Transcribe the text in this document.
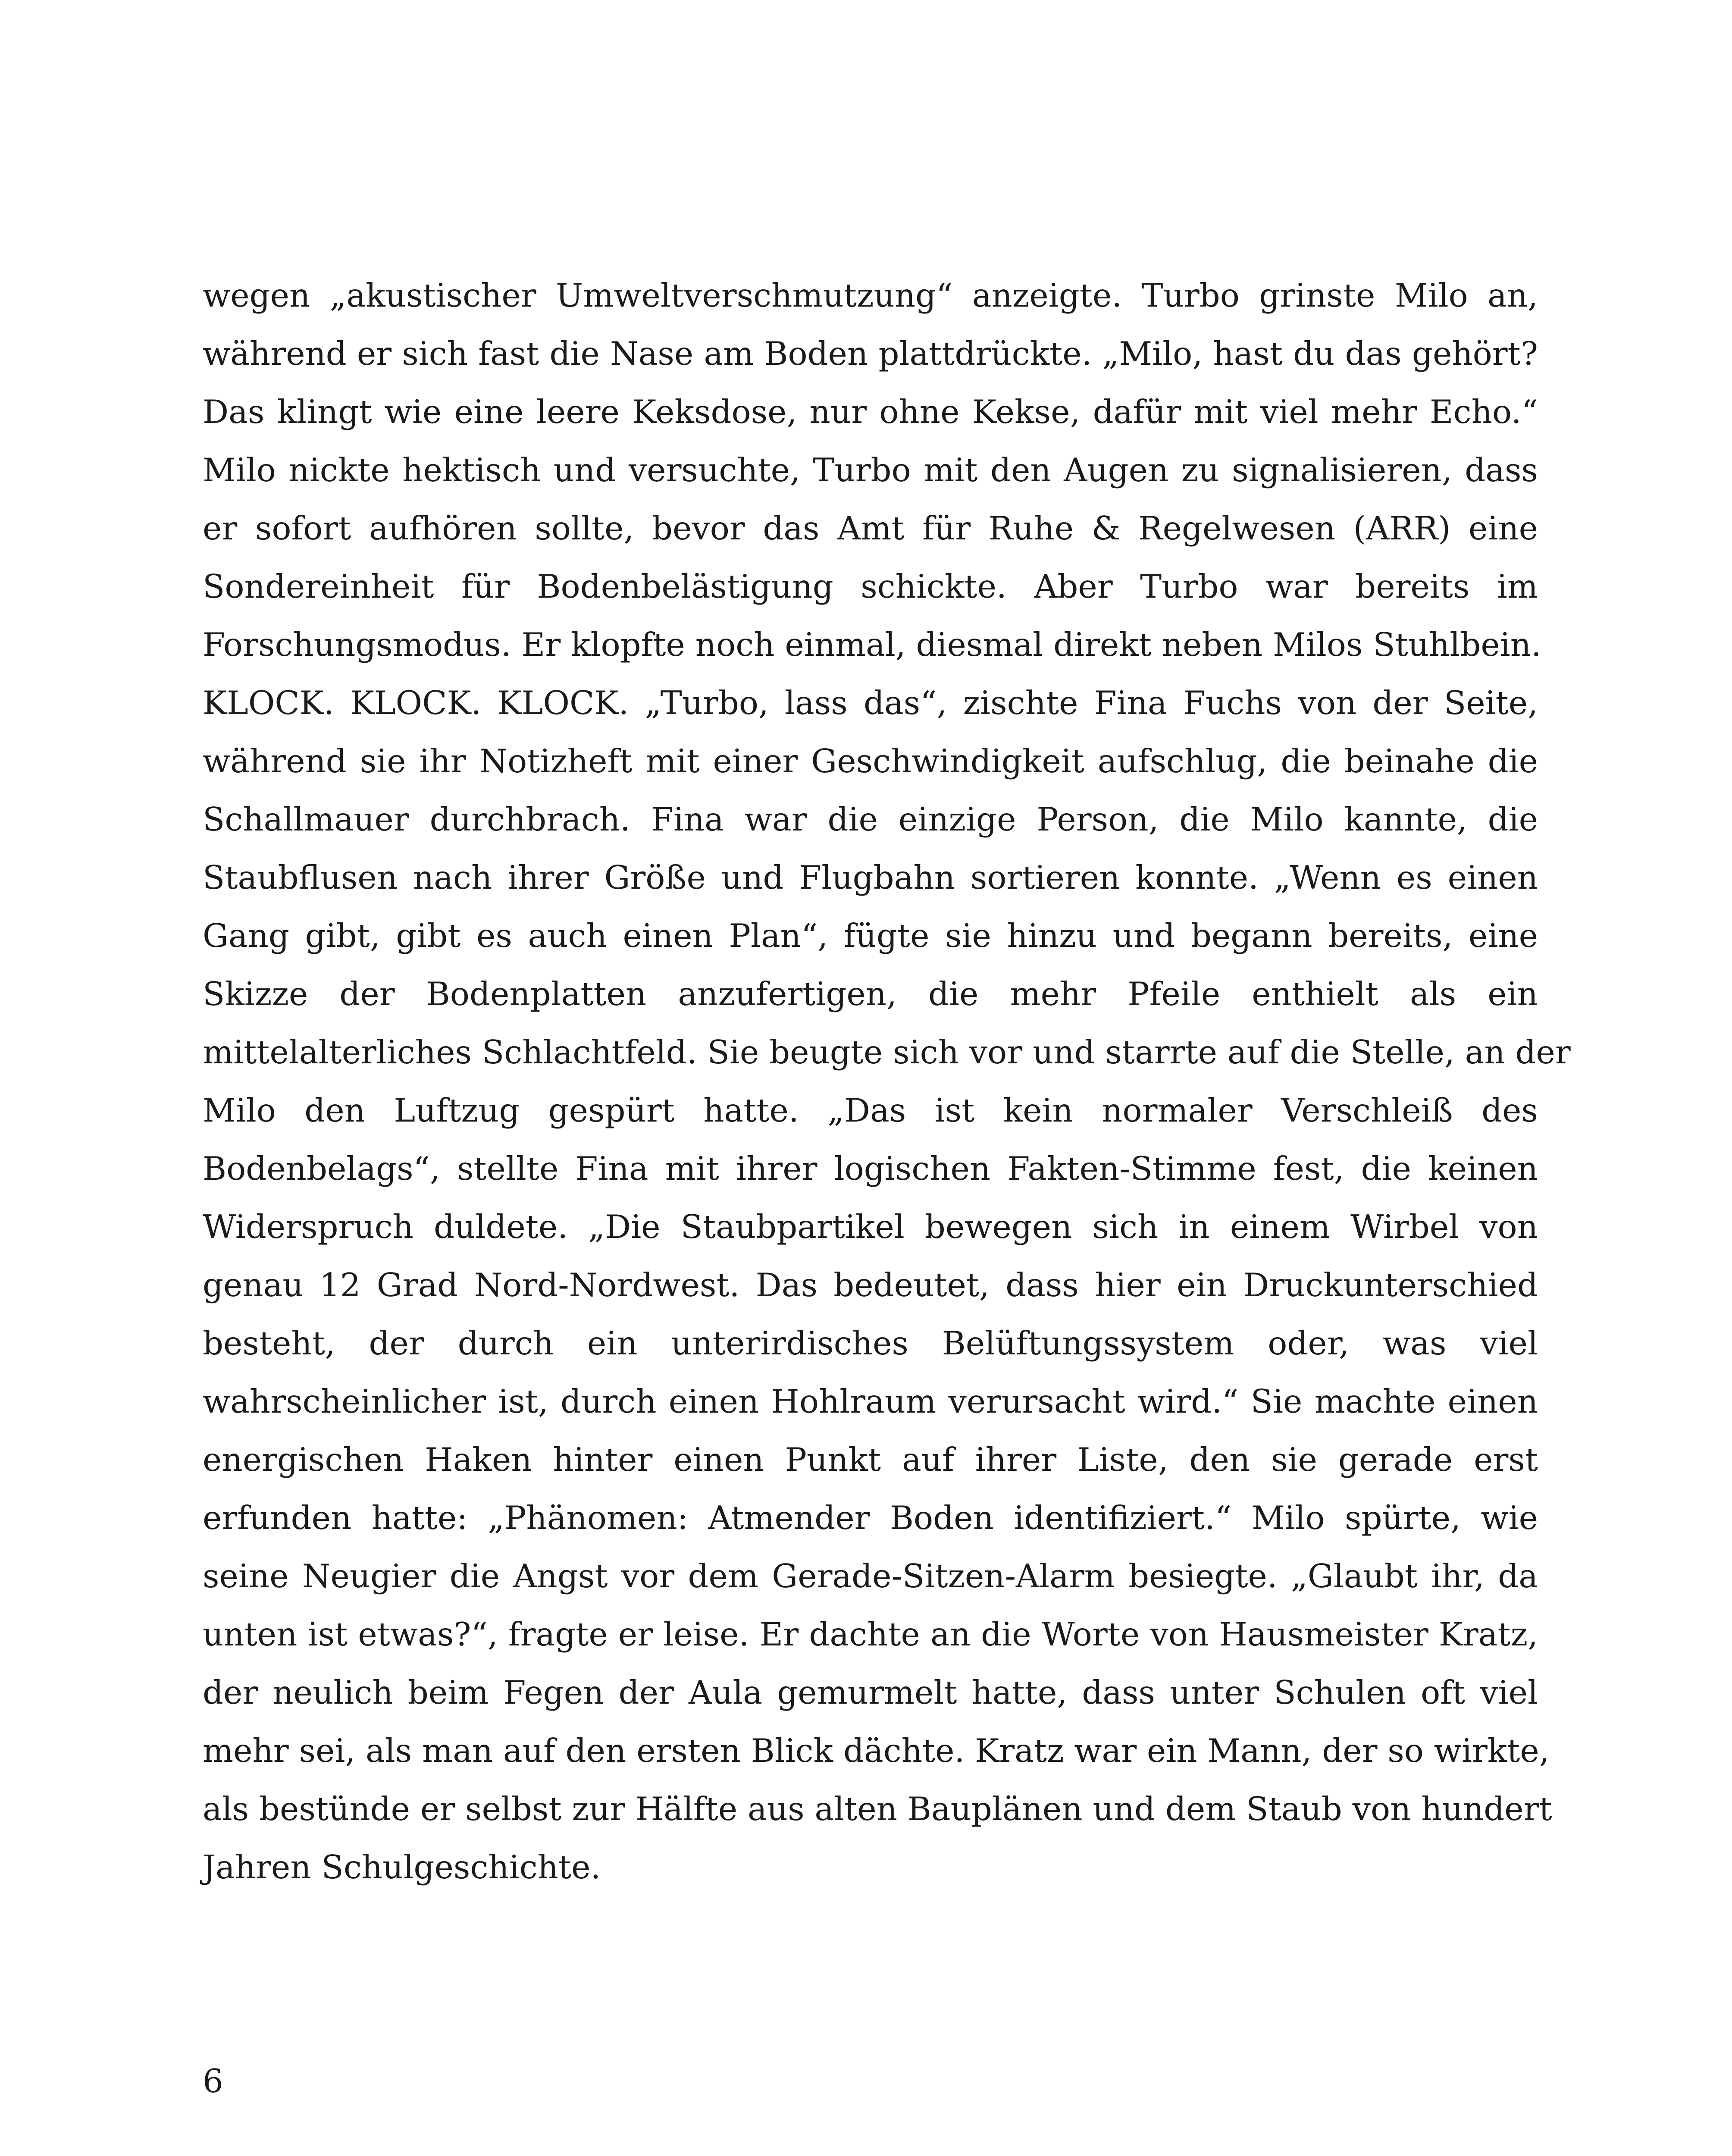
wegen „akustischer Umweltverschmutzung“ anzeigte. Turbo grinste Milo an,
während er sich fast die Nase am Boden plattdrückte. „Milo, hast du das gehört?
Das klingt wie eine leere Keksdose, nur ohne Kekse, dafür mit viel mehr Echo.“
Milo nickte hektisch und versuchte, Turbo mit den Augen zu signalisieren, dass
er sofort aufhören sollte, bevor das Amt für Ruhe & Regelwesen (ARR) eine
Sondereinheit für Bodenbelästigung schickte. Aber Turbo war bereits im
Forschungsmodus. Er klopfte noch einmal, diesmal direkt neben Milos Stuhlbein.
KLOCK. KLOCK. KLOCK. „Turbo, lass das“, zischte Fina Fuchs von der Seite,
während sie ihr Notizheft mit einer Geschwindigkeit aufschlug, die beinahe die
Schallmauer durchbrach. Fina war die einzige Person, die Milo kannte, die
Staubflusen nach ihrer Größe und Flugbahn sortieren konnte. „Wenn es einen
Gang gibt, gibt es auch einen Plan“, fügte sie hinzu und begann bereits, eine
Skizze der Bodenplatten anzufertigen, die mehr Pfeile enthielt als ein
mittelalterliches Schlachtfeld. Sie beugte sich vor und starrte auf die Stelle, an der
Milo den Luftzug gespürt hatte. „Das ist kein normaler Verschleiß des
Bodenbelags“, stellte Fina mit ihrer logischen Fakten-Stimme fest, die keinen
Widerspruch duldete. „Die Staubpartikel bewegen sich in einem Wirbel von
genau 12 Grad Nord-Nordwest. Das bedeutet, dass hier ein Druckunterschied
besteht, der durch ein unterirdisches Belüftungssystem oder, was viel
wahrscheinlicher ist, durch einen Hohlraum verursacht wird.“ Sie machte einen
energischen Haken hinter einen Punkt auf ihrer Liste, den sie gerade erst
erfunden hatte: „Phänomen: Atmender Boden identifiziert.“ Milo spürte, wie
seine Neugier die Angst vor dem Gerade-Sitzen-Alarm besiegte. „Glaubt ihr, da
unten ist etwas?“, fragte er leise. Er dachte an die Worte von Hausmeister Kratz,
der neulich beim Fegen der Aula gemurmelt hatte, dass unter Schulen oft viel
mehr sei, als man auf den ersten Blick dächte. Kratz war ein Mann, der so wirkte,
als bestünde er selbst zur Hälfte aus alten Bauplänen und dem Staub von hundert
Jahren Schulgeschichte.
6
